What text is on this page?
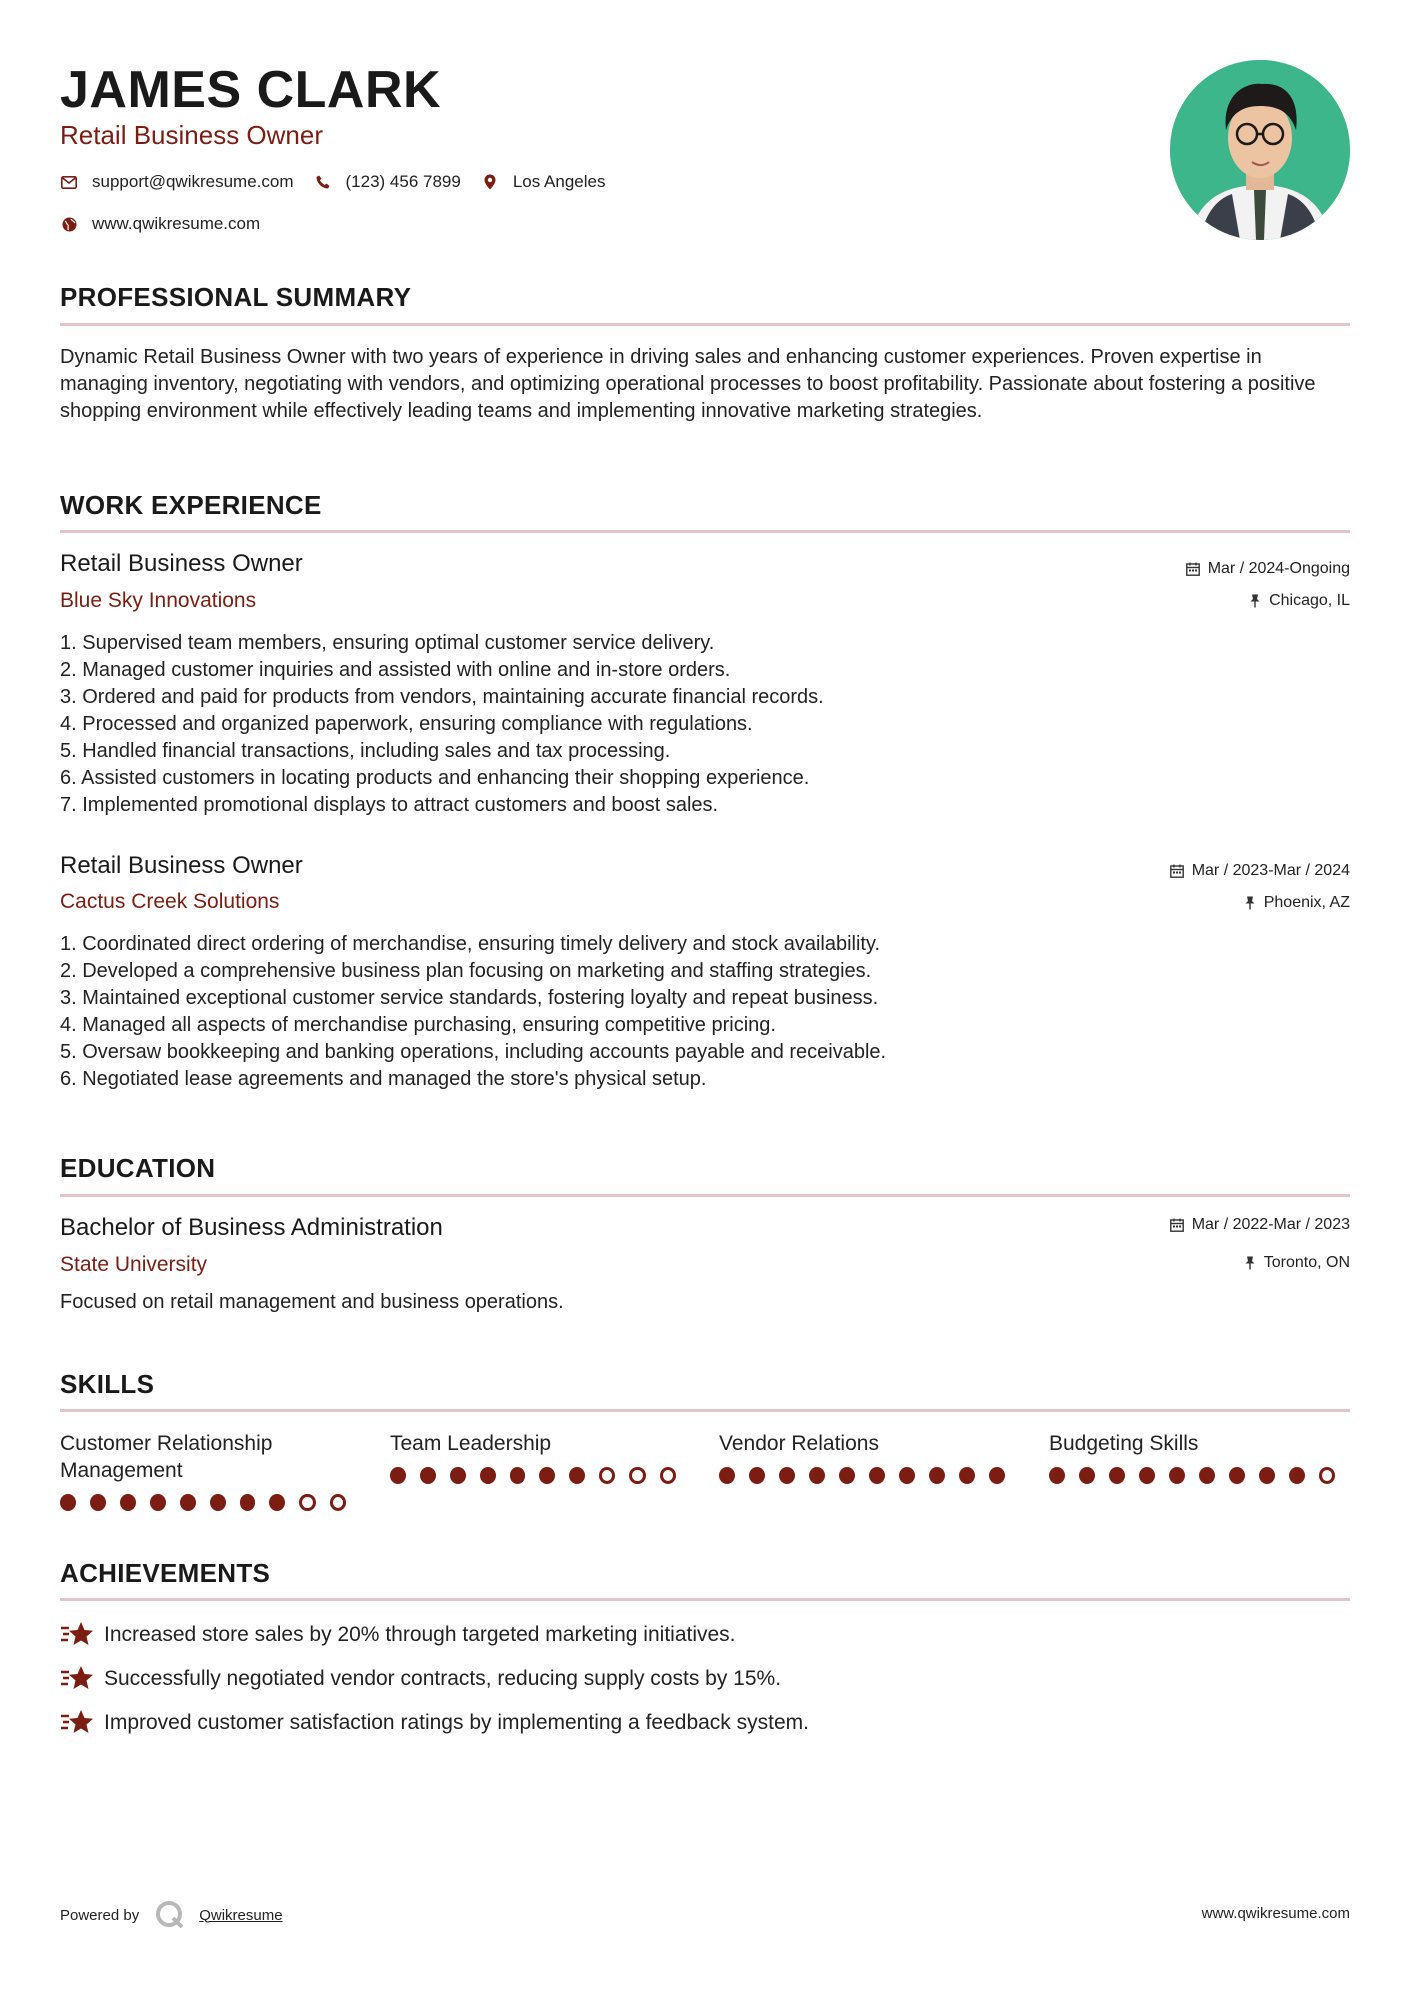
JAMES CLARK
Retail Business Owner
support@qwikresume.com	(123) 456 7899	Los Angeles
www.qwikresume.com
PROFESSIONAL SUMMARY

Dynamic Retail Business Owner with two years of experience in driving sales and enhancing customer experiences. Proven expertise in managing inventory, negotiating with vendors, and optimizing operational processes to boost profitability. Passionate about fostering a positive shopping environment while effectively leading teams and implementing innovative marketing strategies.

WORK EXPERIENCE
Retail Business Owner
Blue Sky Innovations
Mar / 2024-Ongoing
Chicago, IL
1. Supervised team members, ensuring optimal customer service delivery.
2. Managed customer inquiries and assisted with online and in-store orders.
3. Ordered and paid for products from vendors, maintaining accurate financial records.
4. Processed and organized paperwork, ensuring compliance with regulations.
5. Handled financial transactions, including sales and tax processing.
6. Assisted customers in locating products and enhancing their shopping experience.
7. Implemented promotional displays to attract customers and boost sales.
Retail Business Owner
Cactus Creek Solutions
Mar / 2023-Mar / 2024
Phoenix, AZ
1. Coordinated direct ordering of merchandise, ensuring timely delivery and stock availability.
2. Developed a comprehensive business plan focusing on marketing and staffing strategies.
3. Maintained exceptional customer service standards, fostering loyalty and repeat business.
4. Managed all aspects of merchandise purchasing, ensuring competitive pricing.
5. Oversaw bookkeeping and banking operations, including accounts payable and receivable.
6. Negotiated lease agreements and managed the store's physical setup.
EDUCATION
Bachelor of Business Administration
State University
Mar / 2022-Mar / 2023
Toronto, ON

Focused on retail management and business operations.

SKILLS
Customer Relationship Management
Team Leadership	Vendor Relations	Budgeting Skills
ACHIEVEMENTS
Increased store sales by 20% through targeted marketing initiatives.
Successfully negotiated vendor contracts, reducing supply costs by 15%.
Improved customer satisfaction ratings by implementing a feedback system.
Powered by	Qwikresume	www.qwikresume.com
